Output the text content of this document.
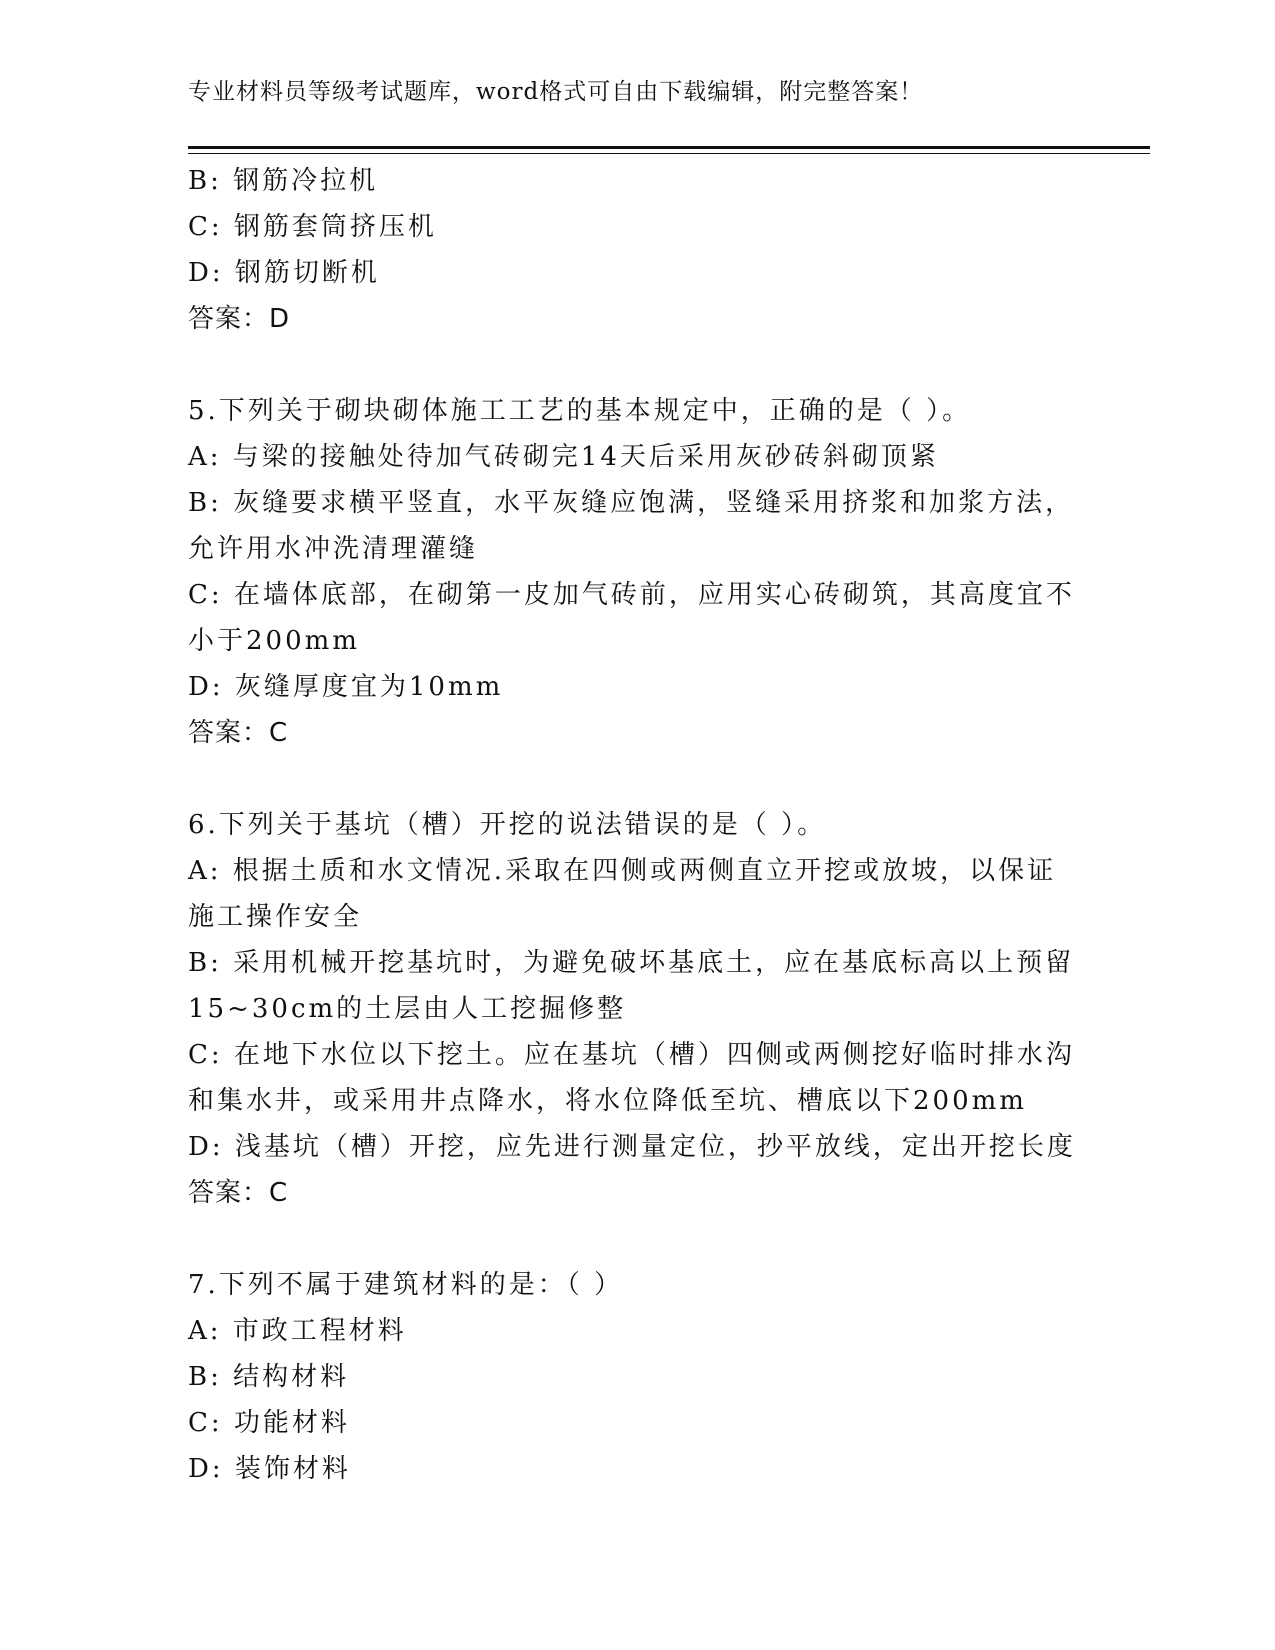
专业材料员等级考试题库，word格式可自由下载编辑，附完整答案！
B: 钢筋冷拉机
C: 钢筋套筒挤压机
D: 钢筋切断机
答案：D
5.下列关于砌块砌体施工工艺的基本规定中，正确的是（ ）。
A: 与梁的接触处待加气砖砌完14天后采用灰砂砖斜砌顶紧
B: 灰缝要求横平竖直，水平灰缝应饱满，竖缝采用挤浆和加浆方法，
允许用水冲洗清理灌缝
C: 在墙体底部，在砌第一皮加气砖前，应用实心砖砌筑，其高度宜不
小于200mm
D: 灰缝厚度宜为10mm
答案：C
6.下列关于基坑（槽）开挖的说法错误的是（ ）。
A: 根据土质和水文情况.采取在四侧或两侧直立开挖或放坡，以保证
施工操作安全
B: 采用机械开挖基坑时，为避免破坏基底土，应在基底标高以上预留
15~30cm的土层由人工挖掘修整
C: 在地下水位以下挖土。应在基坑（槽）四侧或两侧挖好临时排水沟
和集水井，或采用井点降水，将水位降低至坑、槽底以下200mm
D: 浅基坑（槽）开挖，应先进行测量定位，抄平放线，定出开挖长度
答案：C
7.下列不属于建筑材料的是：（ ）
A: 市政工程材料
B: 结构材料
C: 功能材料
D: 装饰材料
